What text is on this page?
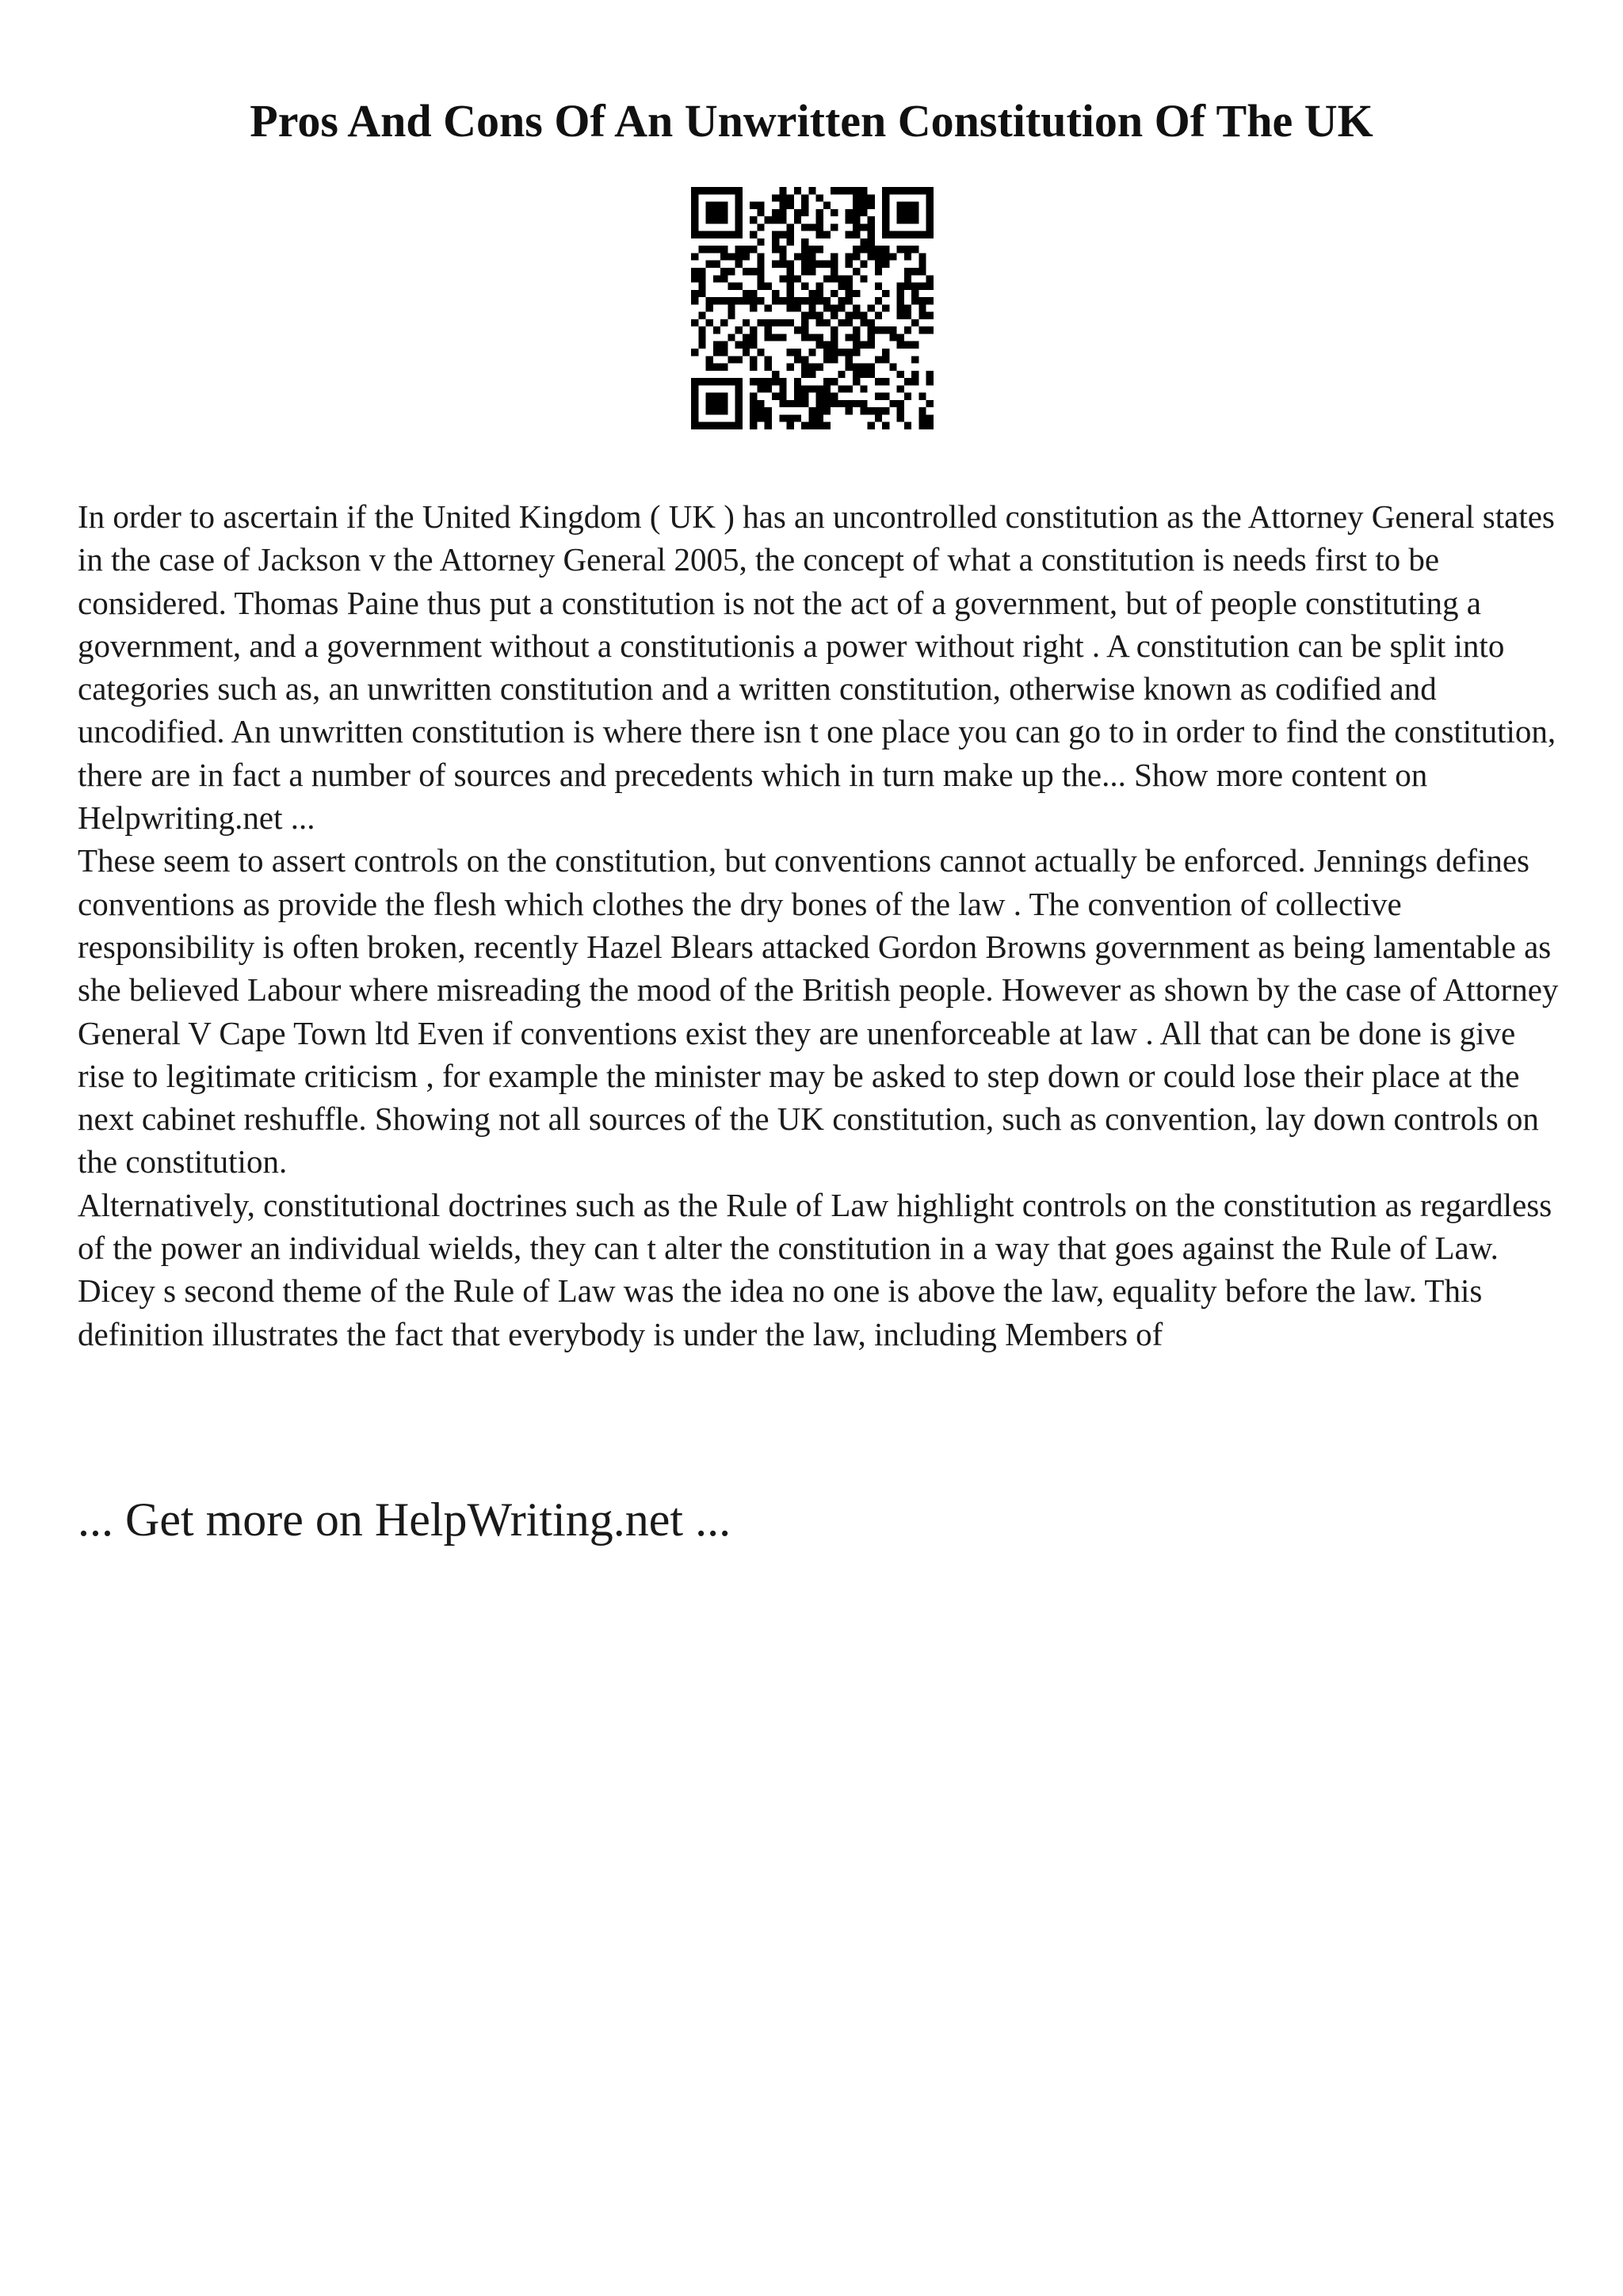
Pros And Cons Of An Unwritten Constitution Of The UK

In order to ascertain if the United Kingdom ( UK ) has an uncontrolled constitution as the Attorney General states in the case of Jackson v the Attorney General 2005, the concept of what a constitution is needs first to be considered. Thomas Paine thus put a constitution is not the act of a government, but of people constituting a government, and a government without a constitutionis a power without right . A constitution can be split into categories such as, an unwritten constitution and a written constitution, otherwise known as codified and uncodified. An unwritten constitution is where there isn t one place you can go to in order to find the constitution, there are in fact a number of sources and precedents which in turn make up the... Show more content on Helpwriting.net ...

These seem to assert controls on the constitution, but conventions cannot actually be enforced. Jennings defines conventions as provide the flesh which clothes the dry bones of the law . The convention of collective responsibility is often broken, recently Hazel Blears attacked Gordon Browns government as being lamentable as she believed Labour where misreading the mood of the British people. However as shown by the case of Attorney General V Cape Town ltd Even if conventions exist they are unenforceable at law . All that can be done is give rise to legitimate criticism , for example the minister may be asked to step down or could lose their place at the next cabinet reshuffle. Showing not all sources of the UK constitution, such as convention, lay down controls on the constitution.

Alternatively, constitutional doctrines such as the Rule of Law highlight controls on the constitution as regardless of the power an individual wields, they can t alter the constitution in a way that goes against the Rule of Law. Dicey s second theme of the Rule of Law was the idea no one is above the law, equality before the law. This definition illustrates the fact that everybody is under the law, including Members of

... Get more on HelpWriting.net ...
